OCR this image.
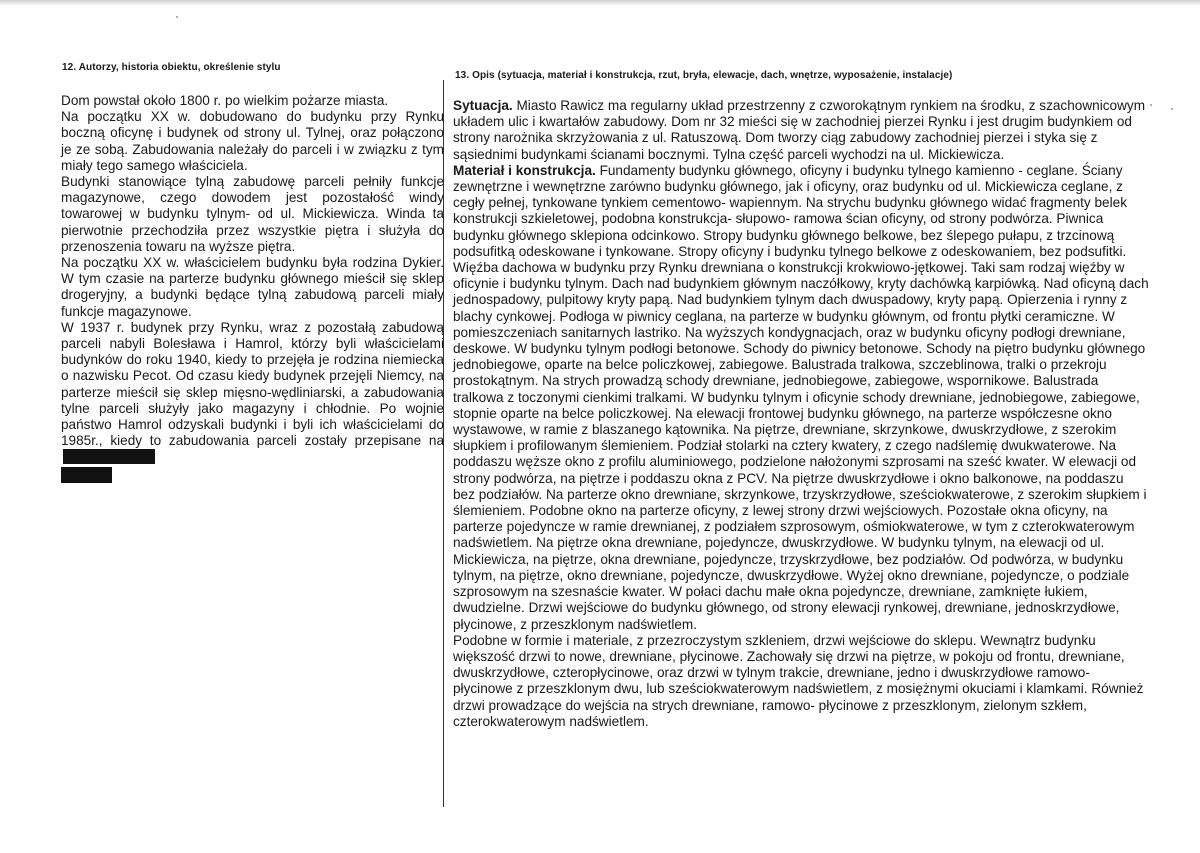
12. Autorzy, historia obiektu, określenie stylu
13. Opis (sytuacja, materiał i konstrukcja, rzut, bryła, elewacje, dach, wnętrze, wyposażenie, instalacje)

Dom powstał około 1800 r. po wielkim pożarze miasta.

Na początku XX w. dobudowano do budynku przy Rynku boczną oficynę i budynek od strony ul. Tylnej, oraz połączono je ze sobą. Zabudowania należały do parceli i w związku z tym miały tego samego właściciela.

Budynki stanowiące tylną zabudowę parceli pełniły funkcje magazynowe, czego dowodem jest pozostałość windy towarowej w budynku tylnym- od ul. Mickiewicza. Winda ta pierwotnie przechodziła przez wszystkie piętra i służyła do przenoszenia towaru na wyższe piętra.

Na początku XX w. właścicielem budynku była rodzina Dykier. W tym czasie na parterze budynku głównego mieścił się sklep drogeryjny, a budynki będące tylną zabudową parceli miały funkcje magazynowe.

W 1937 r. budynek przy Rynku, wraz z pozostałą zabudową parceli nabyli Bolesława i Hamrol, którzy byli właścicielami budynków do roku 1940, kiedy to przejęła je rodzina niemiecka o nazwisku Pecot. Od czasu kiedy budynek przejęli Niemcy, na parterze mieścił się sklep mięsno-wędliniarski, a zabudowania tylne parceli służyły jako magazyny i chłodnie. Po wojnie państwo Hamrol odzyskali budynki i byli ich właścicielami do 1985r., kiedy to zabudowania parceli zostały przepisane na

Sytuacja. Miasto Rawicz ma regularny układ przestrzenny z czworokątnym rynkiem na środku, z szachownicowym układem ulic i kwartałów zabudowy. Dom nr 32 mieści się w zachodniej pierzei Rynku i jest drugim budynkiem od strony narożnika skrzyżowania z ul. Ratuszową. Dom tworzy ciąg zabudowy zachodniej pierzei i styka się z sąsiednimi budynkami ścianami bocznymi. Tylna część parceli wychodzi na ul. Mickiewicza.

Materiał i konstrukcja. Fundamenty budynku głównego, oficyny i budynku tylnego kamienno - ceglane. Ściany zewnętrzne i wewnętrzne zarówno budynku głównego, jak i oficyny, oraz budynku od ul. Mickiewicza ceglane, z cegły pełnej, tynkowane tynkiem cementowo- wapiennym. Na strychu budynku głównego widać fragmenty belek konstrukcji szkieletowej, podobna konstrukcja- słupowo- ramowa ścian oficyny, od strony podwórza. Piwnica budynku głównego sklepiona odcinkowo. Stropy budynku głównego belkowe, bez ślepego pułapu, z trzcinową podsufitką odeskowane i tynkowane. Stropy oficyny i budynku tylnego belkowe z odeskowaniem, bez podsufitki. Więźba dachowa w budynku przy Rynku drewniana o konstrukcji krokwiowo-jętkowej. Taki sam rodzaj więźby w oficynie i budynku tylnym. Dach nad budynkiem głównym naczółkowy, kryty dachówką karpiówką. Nad oficyną dach jednospadowy, pulpitowy kryty papą. Nad budynkiem tylnym dach dwuspadowy, kryty papą. Opierzenia i rynny z blachy cynkowej. Podłoga w piwnicy ceglana, na parterze w budynku głównym, od frontu płytki ceramiczne. W pomieszczeniach sanitarnych lastriko. Na wyższych kondygnacjach, oraz w budynku oficyny podłogi drewniane, deskowe. W budynku tylnym podłogi betonowe. Schody do piwnicy betonowe. Schody na piętro budynku głównego jednobiegowe, oparte na belce policzkowej, zabiegowe. Balustrada tralkowa, szczeblinowa, tralki o przekroju prostokątnym. Na strych prowadzą schody drewniane, jednobiegowe, zabiegowe, wspornikowe. Balustrada tralkowa z toczonymi cienkimi tralkami. W budynku tylnym i oficynie schody drewniane, jednobiegowe, zabiegowe, stopnie oparte na belce policzkowej. Na elewacji frontowej budynku głównego, na parterze współczesne okno wystawowe, w ramie z blaszanego kątownika. Na piętrze, drewniane, skrzynkowe, dwuskrzydłowe, z szerokim słupkiem i profilowanym ślemieniem. Podział stolarki na cztery kwatery, z czego nadślemię dwukwaterowe. Na poddaszu węższe okno z profilu aluminiowego, podzielone nałożonymi szprosami na sześć kwater. W elewacji od strony podwórza, na piętrze i poddaszu okna z PCV. Na piętrze dwuskrzydłowe i okno balkonowe, na poddaszu bez podziałów. Na parterze okno drewniane, skrzynkowe, trzyskrzydłowe, sześciokwaterowe, z szerokim słupkiem i ślemieniem. Podobne okno na parterze oficyny, z lewej strony drzwi wejściowych. Pozostałe okna oficyny, na parterze pojedyncze w ramie drewnianej, z podziałem szprosowym, ośmiokwaterowe, w tym z czterokwaterowym nadświetlem. Na piętrze okna drewniane, pojedyncze, dwuskrzydłowe. W budynku tylnym, na elewacji od ul. Mickiewicza, na piętrze, okna drewniane, pojedyncze, trzyskrzydłowe, bez podziałów. Od podwórza, w budynku tylnym, na piętrze, okno drewniane, pojedyncze, dwuskrzydłowe. Wyżej okno drewniane, pojedyncze, o podziale szprosowym na szesnaście kwater. W połaci dachu małe okna pojedyncze, drewniane, zamknięte łukiem, dwudzielne. Drzwi wejściowe do budynku głównego, od strony elewacji rynkowej, drewniane, jednoskrzydłowe, płycinowe, z przeszklonym nadświetlem.

Podobne w formie i materiale, z przezroczystym szkleniem, drzwi wejściowe do sklepu. Wewnątrz budynku większość drzwi to nowe, drewniane, płycinowe. Zachowały się drzwi na piętrze, w pokoju od frontu, drewniane, dwuskrzydłowe, czteropłycinowe, oraz drzwi w tylnym trakcie, drewniane, jedno i dwuskrzydłowe ramowo- płycinowe z przeszklonym dwu, lub sześciokwaterowym nadświetlem, z mosiężnymi okuciami i klamkami. Również drzwi prowadzące do wejścia na strych drewniane, ramowo- płycinowe z przeszklonym, zielonym szkłem, czterokwaterowym nadświetlem.
